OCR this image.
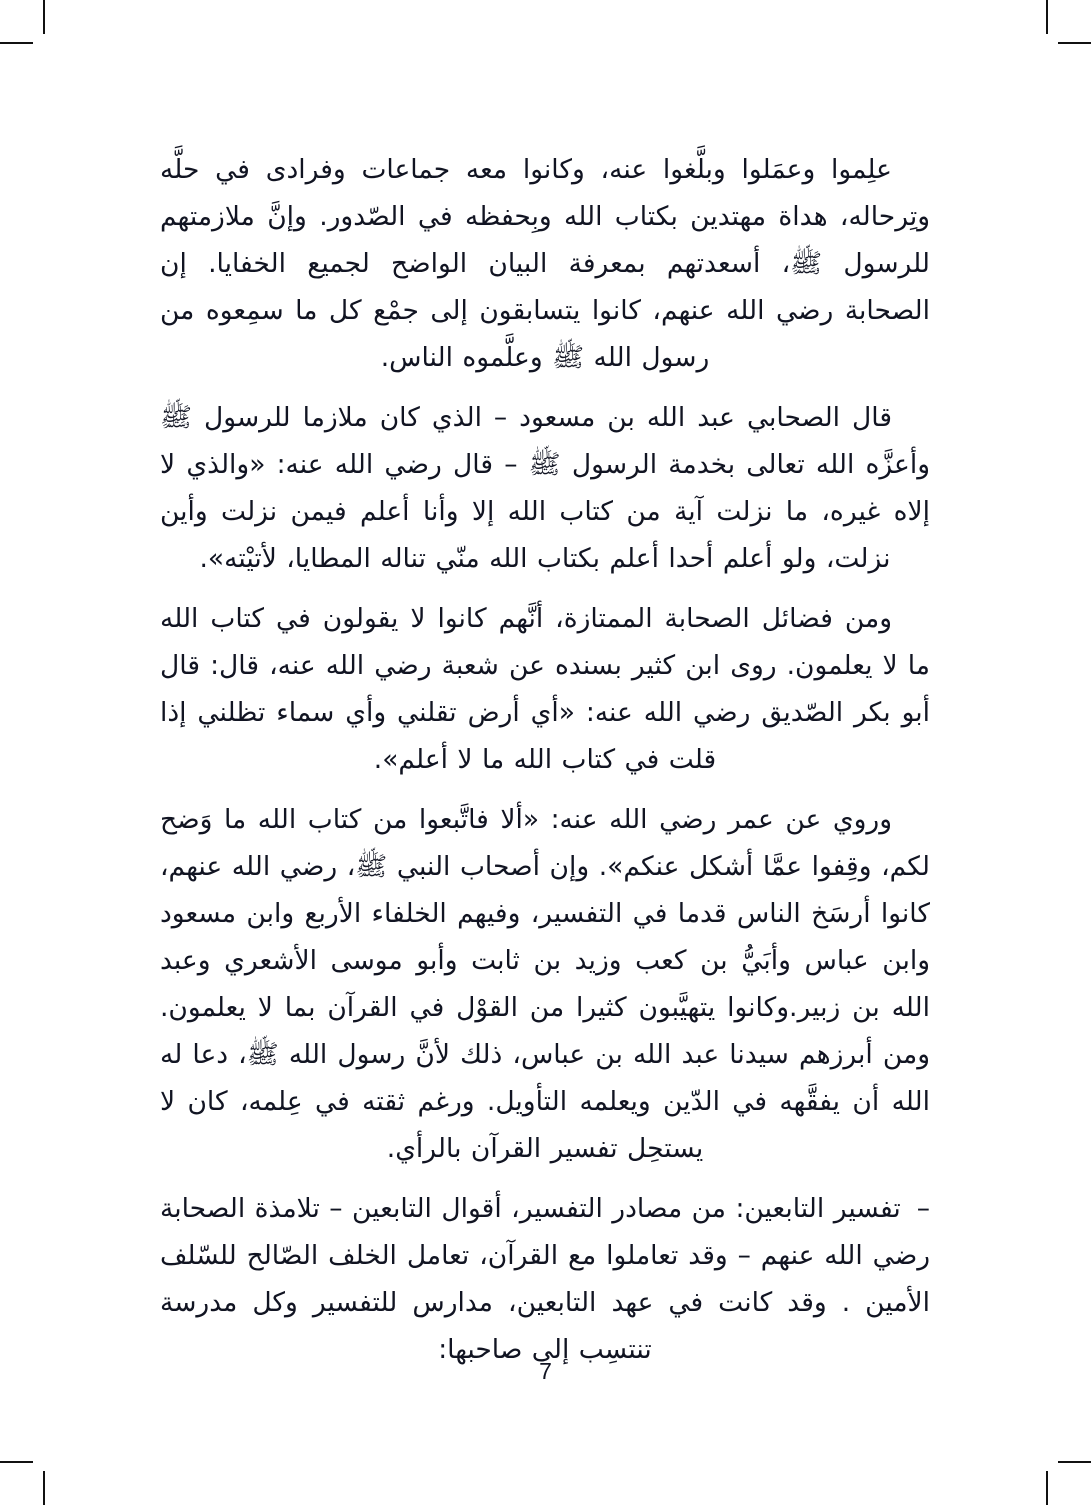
علِموا وعمَلوا وبلَّغوا عنه، وكانوا معه جماعات وفرادى في حلَّه وتِرحاله، هداة مهتدين بكتاب الله وبِحفظه في الصّدور. وإنَّ ملازمتهم للرسول ﷺ، أسعدتهم بمعرفة البيان الواضح لجميع الخفايا. إن الصحابة رضي الله عنهم، كانوا يتسابقون إلى جمْع كل ما سمِعوه من رسول الله ﷺ وعلَّموه الناس.

قال الصحابي عبد الله بن مسعود – الذي كان ملازما للرسول ﷺ وأعزَّه الله تعالى بخدمة الرسول ﷺ – قال رضي الله عنه: «والذي لا إلاه غيره، ما نزلت آية من كتاب الله إلا وأنا أعلم فيمن نزلت وأين نزلت، ولو أعلم أحدا أعلم بكتاب الله منّي تناله المطايا، لأتيْته».

ومن فضائل الصحابة الممتازة، أنَّهم كانوا لا يقولون في كتاب الله ما لا يعلمون. روى ابن كثير بسنده عن شعبة رضي الله عنه، قال: قال أبو بكر الصّديق رضي الله عنه: «أي أرض تقلني وأي سماء تظلني إذا قلت في كتاب الله ما لا أعلم».

وروي عن عمر رضي الله عنه: «ألا فاتَّبعوا من كتاب الله ما وَضح لكم، وقِفوا عمَّا أشكل عنكم». وإن أصحاب النبي ﷺ، رضي الله عنهم، كانوا أرسَخ الناس قدما في التفسير، وفيهم الخلفاء الأربع وابن مسعود وابن عباس وأبَيُّ بن كعب وزيد بن ثابت وأبو موسى الأشعري وعبد الله بن زبير.وكانوا يتهيَّبون كثيرا من القوْل في القرآن بما لا يعلمون. ومن أبرزهم سيدنا عبد الله بن عباس، ذلك لأنَّ رسول الله ﷺ، دعا له الله أن يفقَّهه في الدّين ويعلمه التأويل. ورغم ثقته في عِلمه، كان لا يستحِل تفسير القرآن بالرأي.

–تفسير التابعين: من مصادر التفسير، أقوال التابعين – تلامذة الصحابة رضي الله عنهم – وقد تعاملوا مع القرآن، تعامل الخلف الصّالح للسّلف الأمين . وقد كانت في عهد التابعين، مدارس للتفسير وكل مدرسة تنتسِب إلى صاحبها:

7
